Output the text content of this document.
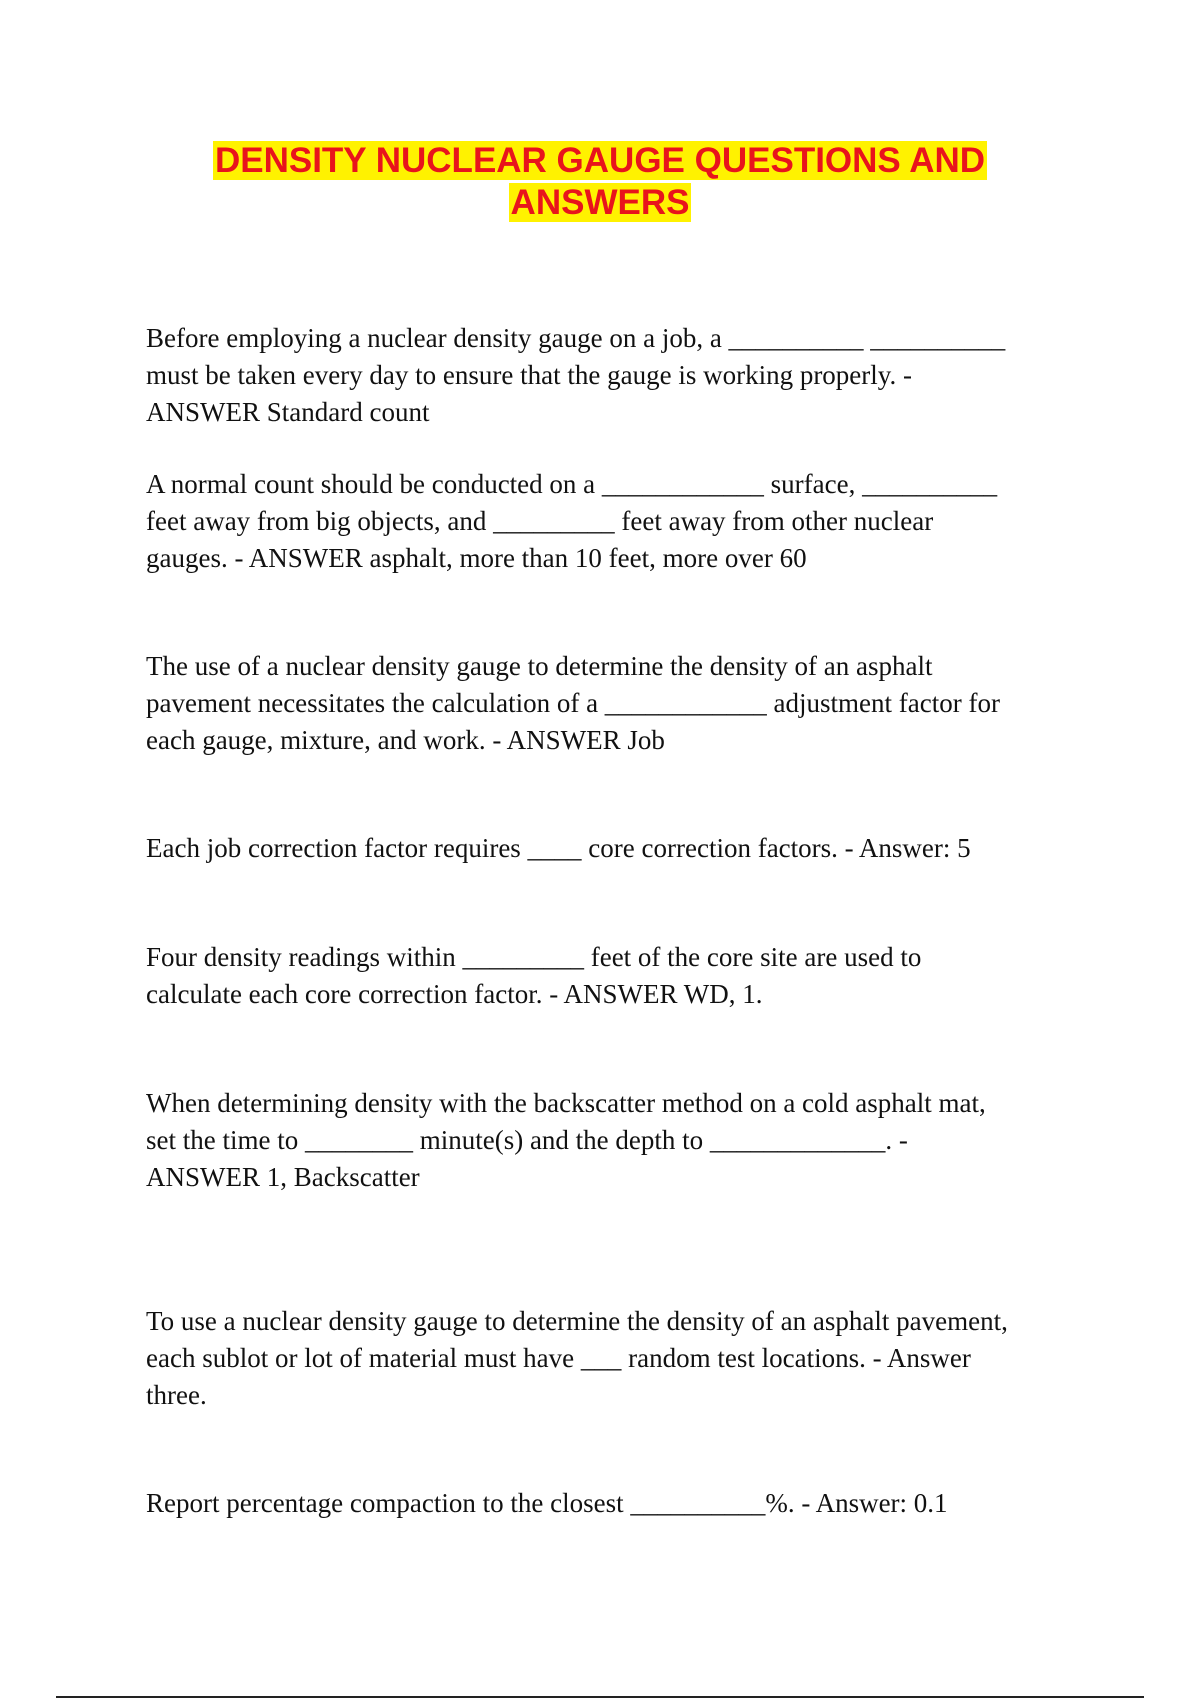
DENSITY NUCLEAR GAUGE QUESTIONS AND
ANSWERS

Before employing a nuclear density gauge on a job, a __________ __________
must be taken every day to ensure that the gauge is working properly. -
ANSWER Standard count

A normal count should be conducted on a ____________ surface, __________
feet away from big objects, and _________ feet away from other nuclear
gauges. - ANSWER asphalt, more than 10 feet, more over 60

The use of a nuclear density gauge to determine the density of an asphalt
pavement necessitates the calculation of a ____________ adjustment factor for
each gauge, mixture, and work. - ANSWER Job

Each job correction factor requires ____ core correction factors. - Answer: 5

Four density readings within _________ feet of the core site are used to
calculate each core correction factor. - ANSWER WD, 1.

When determining density with the backscatter method on a cold asphalt mat,
set the time to ________ minute(s) and the depth to _____________. -
ANSWER 1, Backscatter

To use a nuclear density gauge to determine the density of an asphalt pavement,
each sublot or lot of material must have ___ random test locations. - Answer
three.

Report percentage compaction to the closest __________%. - Answer: 0.1
